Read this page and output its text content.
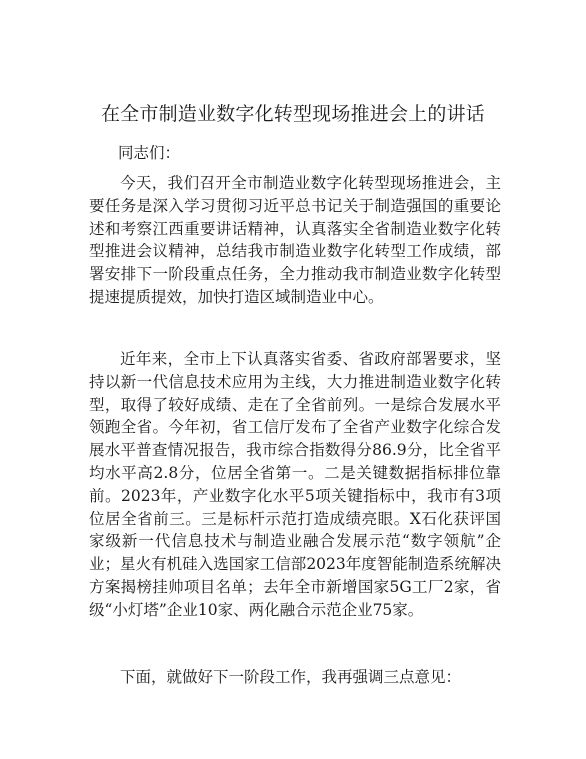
在全市制造业数字化转型现场推进会上的讲话

同志们：

今天，我们召开全市制造业数字化转型现场推进会，主要任务是深入学习贯彻习近平总书记关于制造强国的重要论述和考察江西重要讲话精神，认真落实全省制造业数字化转型推进会议精神，总结我市制造业数字化转型工作成绩，部署安排下一阶段重点任务，全力推动我市制造业数字化转型提速提质提效，加快打造区域制造业中心。

近年来，全市上下认真落实省委、省政府部署要求，坚持以新一代信息技术应用为主线，大力推进制造业数字化转型，取得了较好成绩、走在了全省前列。一是综合发展水平领跑全省。今年初，省工信厅发布了全省产业数字化综合发展水平普查情况报告，我市综合指数得分86.9分，比全省平均水平高2.8分，位居全省第一。二是关键数据指标排位靠前。2023年，产业数字化水平5项关键指标中，我市有3项位居全省前三。三是标杆示范打造成绩亮眼。X石化获评国家级新一代信息技术与制造业融合发展示范“数字领航”企业；星火有机硅入选国家工信部2023年度智能制造系统解决方案揭榜挂帅项目名单；去年全市新增国家5G工厂2家，省级“小灯塔”企业10家、两化融合示范企业75家。

下面，就做好下一阶段工作，我再强调三点意见：
